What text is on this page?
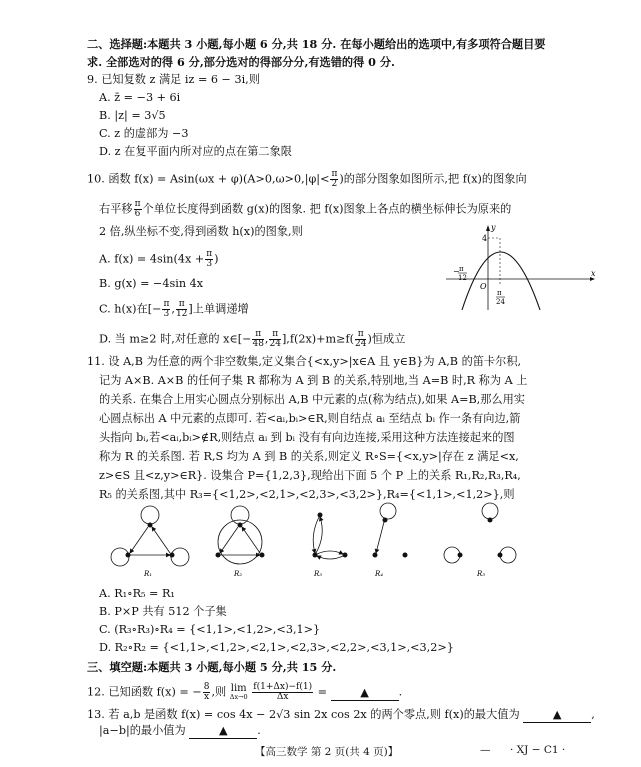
二、选择题:本题共 3 小题,每小题 6 分,共 18 分. 在每小题给出的选项中,有多项符合题目要
求. 全部选对的得 6 分,部分选对的得部分分,有选错的得 0 分.
9. 已知复数 z 满足 iz = 6 − 3i,则
A. z̄ = −3 + 6i
B. |z| = 3√5
C. z 的虚部为 −3
D. z 在复平面内所对应的点在第二象限
10. 函数 $f(x) = Asin(\omega x + \varphi)(A>0,\omega>0,|\varphi|< \frac{\pi}{2}$ )的部分图象如图所示,把 f(x)的图象向
右平移 $\frac{\pi}{6}$ 个单位长度得到函数 g(x)的图象. 把 f(x)图象上各点的横坐标伸长为原来的
2 倍,纵坐标不变,得到函数 h(x)的图象,则
A. $f(x) = 4\sin(4x + \frac{\pi}{3}$ )
B. g(x) = −4sin 4x
C. h(x)在[− $\frac{\pi}{3}$ , $\frac{\pi}{12}$ ]上单调递增
D. 当 m≥2 时,对任意的 x∈[− $\frac{\pi}{48}$ , $\frac{\pi}{24} ],f(2x)+m\ge f( \frac{\pi}{24}$ )恒成立
y
x
4
O
− π
12
π
24
11. 设 A,B 为任意的两个非空数集,定义集合{<x,y>|x∈A 且 y∈B}为 A,B 的笛卡尔积,
记为 A×B. A×B 的任何子集 R 都称为 A 到 B 的关系,特别地,当 A=B 时,R 称为 A 上
的关系. 在集合上用实心圆点分别标出 A,B 中元素的点(称为结点),如果 A=B,那么用实
心圆点标出 A 中元素的点即可. 若<aᵢ,bᵢ>∈R,则自结点 aᵢ 至结点 bᵢ 作一条有向边,箭
头指向 bᵢ,若<aᵢ,bᵢ>∉R,则结点 aᵢ 到 bᵢ 没有有向边连接,采用这种方法连接起来的图
称为 R 的关系图. 若 R,S 均为 A 到 B 的关系,则定义 R∘S={<x,y>|存在 z 满足<x,
z>∈S 且<z,y>∈R}. 设集合 P={1,2,3},现给出下面 5 个 P 上的关系 R₁,R₂,R₃,R₄,
R₅ 的关系图,其中 R₃={<1,2>,<2,1>,<2,3>,<3,2>},R₄={<1,1>,<1,2>},则
R₁	R₂	R₃	R₄	R₅
A. R₁∘R₅ = R₁
B. P×P 共有 512 个子集
C. (R₃∘R₃)∘R₄ = {<1,1>,<1,2>,<3,1>}
D. R₂∘R₂ = {<1,1>,<1,2>,<2,1>,<2,3>,<2,2>,<3,1>,<3,2>}
三、填空题:本题共 3 小题,每小题 5 分,共 15 分.
12. 已知函数 f(x) = − $\frac{8}{x}$ ,则 lim
Δx→0
$\frac{f(1+\Delta x)-f(1)}{\Delta x}$ =	▲	.
13. 若 a,b 是函数 f(x) = cos 4x − 2√3 sin 2x cos 2x 的两个零点,则 f(x)的最大值为	▲	,
|a−b|的最小值为	▲	.
【高三数学 第 2 页(共 4 页)】	— · XJ − C1 ·
